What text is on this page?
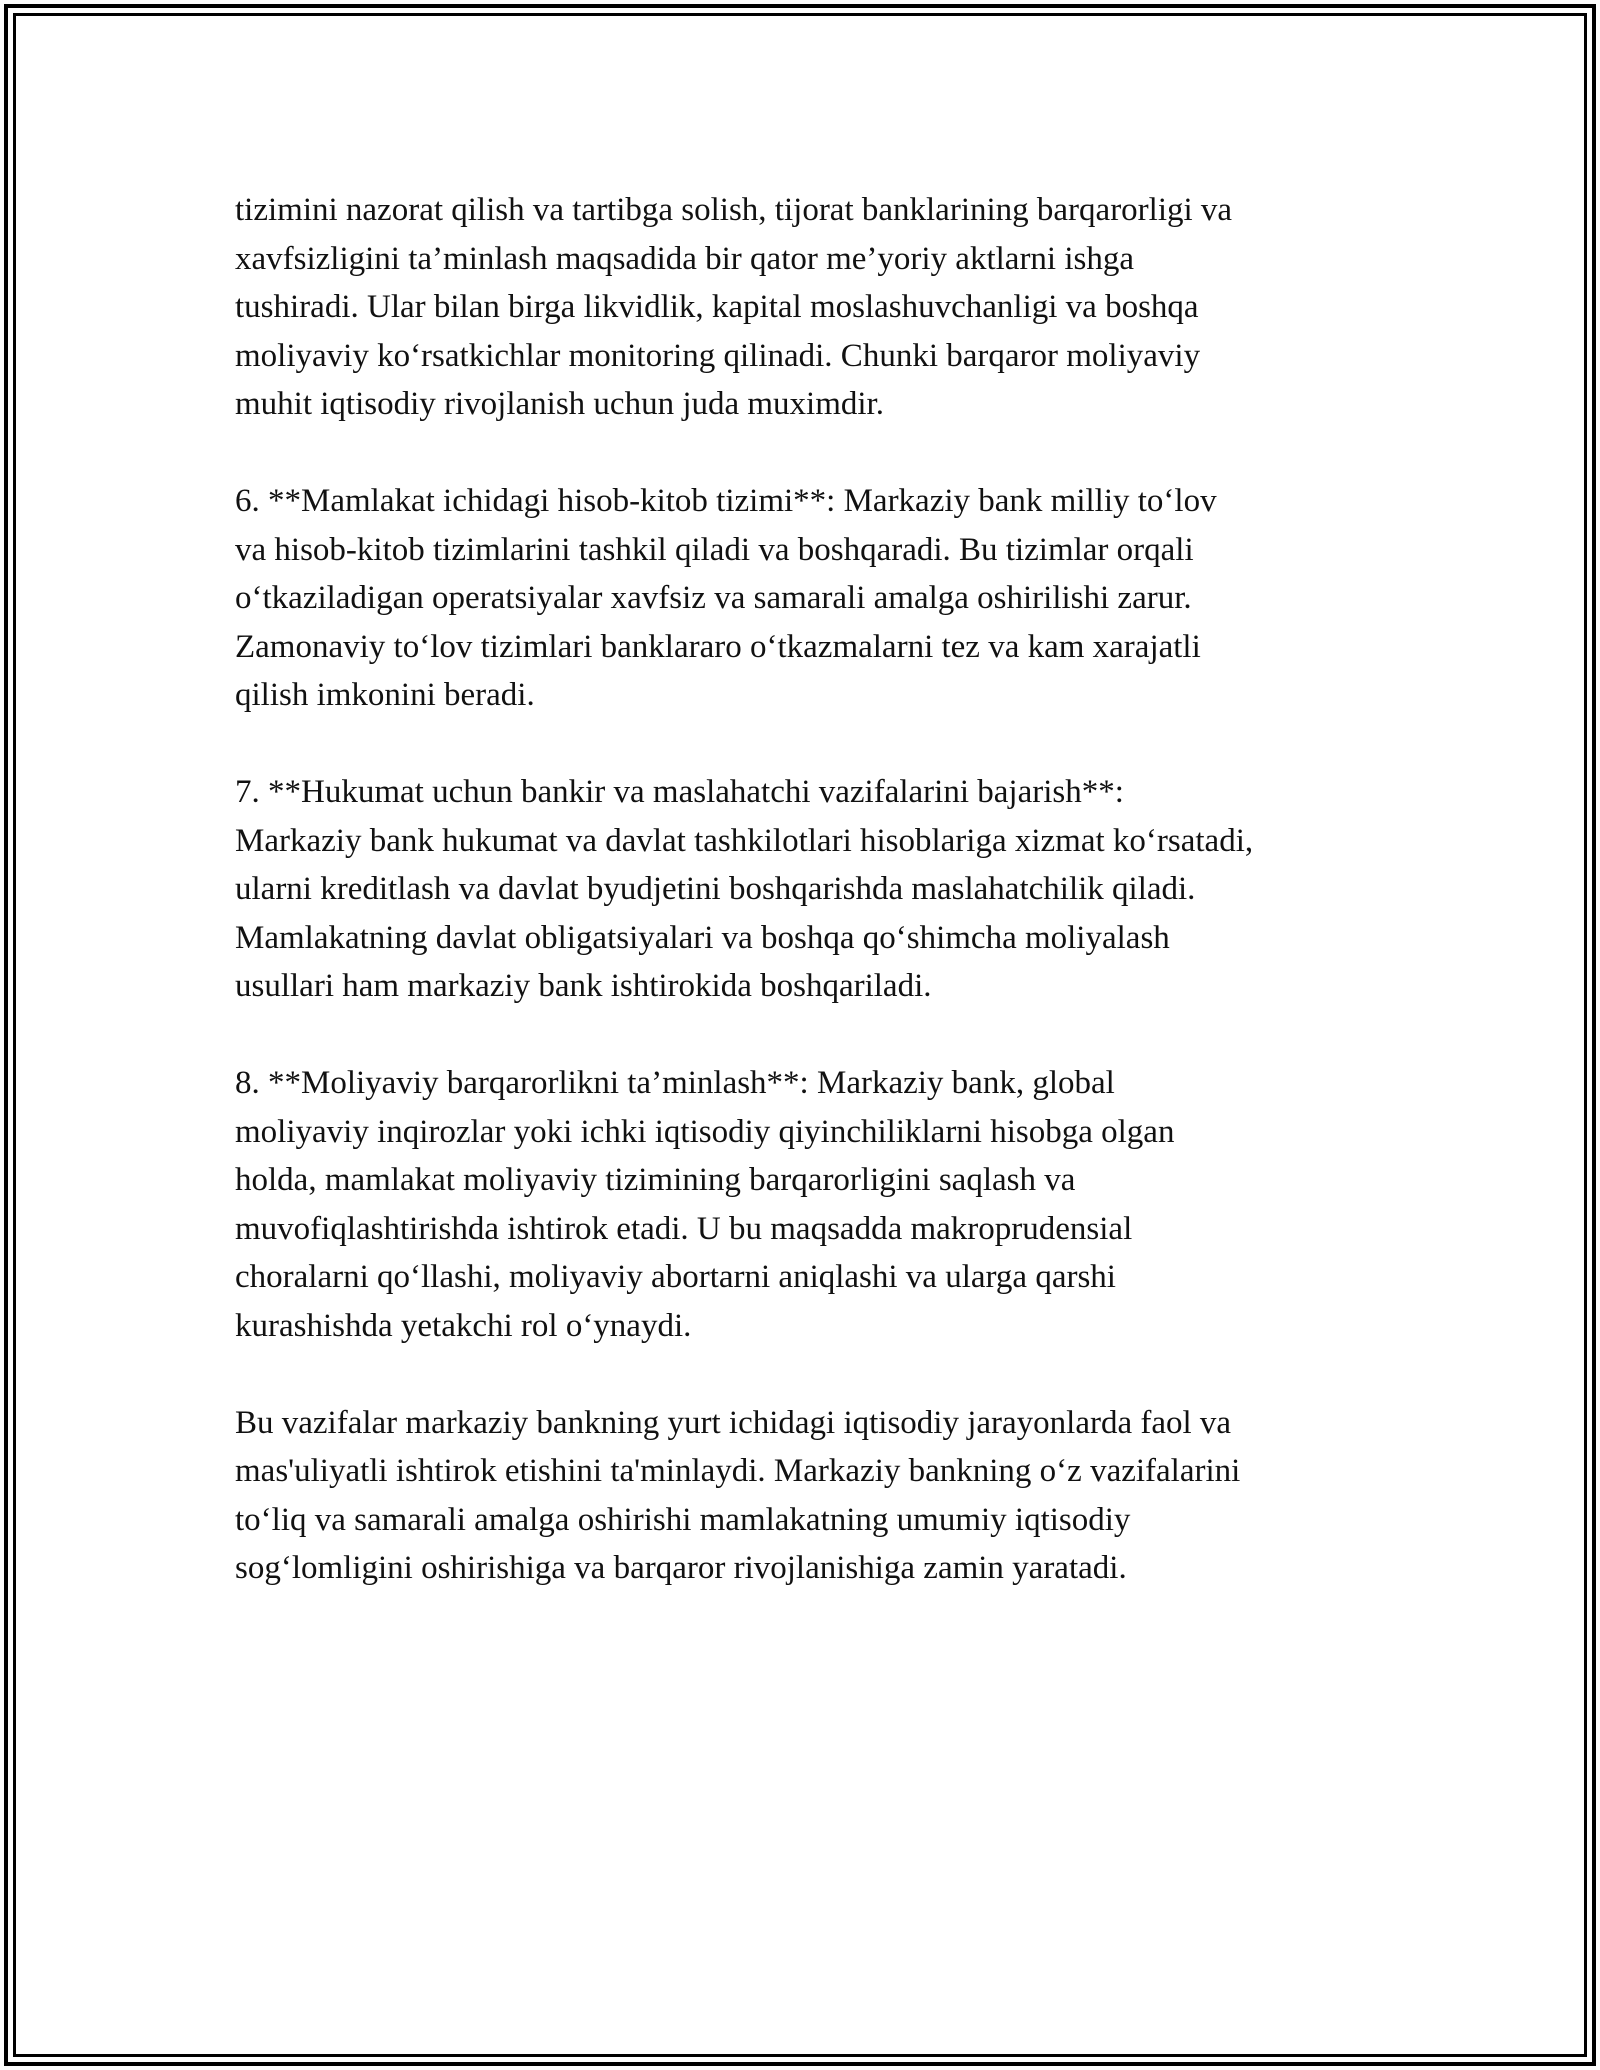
tizimini nazorat qilish va tartibga solish, tijorat banklarining barqarorligi va
xavfsizligini ta’minlash maqsadida bir qator me’yoriy aktlarni ishga
tushiradi. Ular bilan birga likvidlik, kapital moslashuvchanligi va boshqa
moliyaviy ko‘rsatkichlar monitoring qilinadi. Chunki barqaror moliyaviy
muhit iqtisodiy rivojlanish uchun juda muximdir.

6. **Mamlakat ichidagi hisob-kitob tizimi**: Markaziy bank milliy to‘lov
va hisob-kitob tizimlarini tashkil qiladi va boshqaradi. Bu tizimlar orqali
o‘tkaziladigan operatsiyalar xavfsiz va samarali amalga oshirilishi zarur.
Zamonaviy to‘lov tizimlari banklararo o‘tkazmalarni tez va kam xarajatli
qilish imkonini beradi.

7. **Hukumat uchun bankir va maslahatchi vazifalarini bajarish**:
Markaziy bank hukumat va davlat tashkilotlari hisoblariga xizmat ko‘rsatadi,
ularni kreditlash va davlat byudjetini boshqarishda maslahatchilik qiladi.
Mamlakatning davlat obligatsiyalari va boshqa qo‘shimcha moliyalash
usullari ham markaziy bank ishtirokida boshqariladi.

8. **Moliyaviy barqarorlikni ta’minlash**: Markaziy bank, global
moliyaviy inqirozlar yoki ichki iqtisodiy qiyinchiliklarni hisobga olgan
holda, mamlakat moliyaviy tizimining barqarorligini saqlash va
muvofiqlashtirishda ishtirok etadi. U bu maqsadda makroprudensial
choralarni qo‘llashi, moliyaviy abortarni aniqlashi va ularga qarshi
kurashishda yetakchi rol o‘ynaydi.

Bu vazifalar markaziy bankning yurt ichidagi iqtisodiy jarayonlarda faol va
mas'uliyatli ishtirok etishini ta'minlaydi. Markaziy bankning o‘z vazifalarini
to‘liq va samarali amalga oshirishi mamlakatning umumiy iqtisodiy
sog‘lomligini oshirishiga va barqaror rivojlanishiga zamin yaratadi.
